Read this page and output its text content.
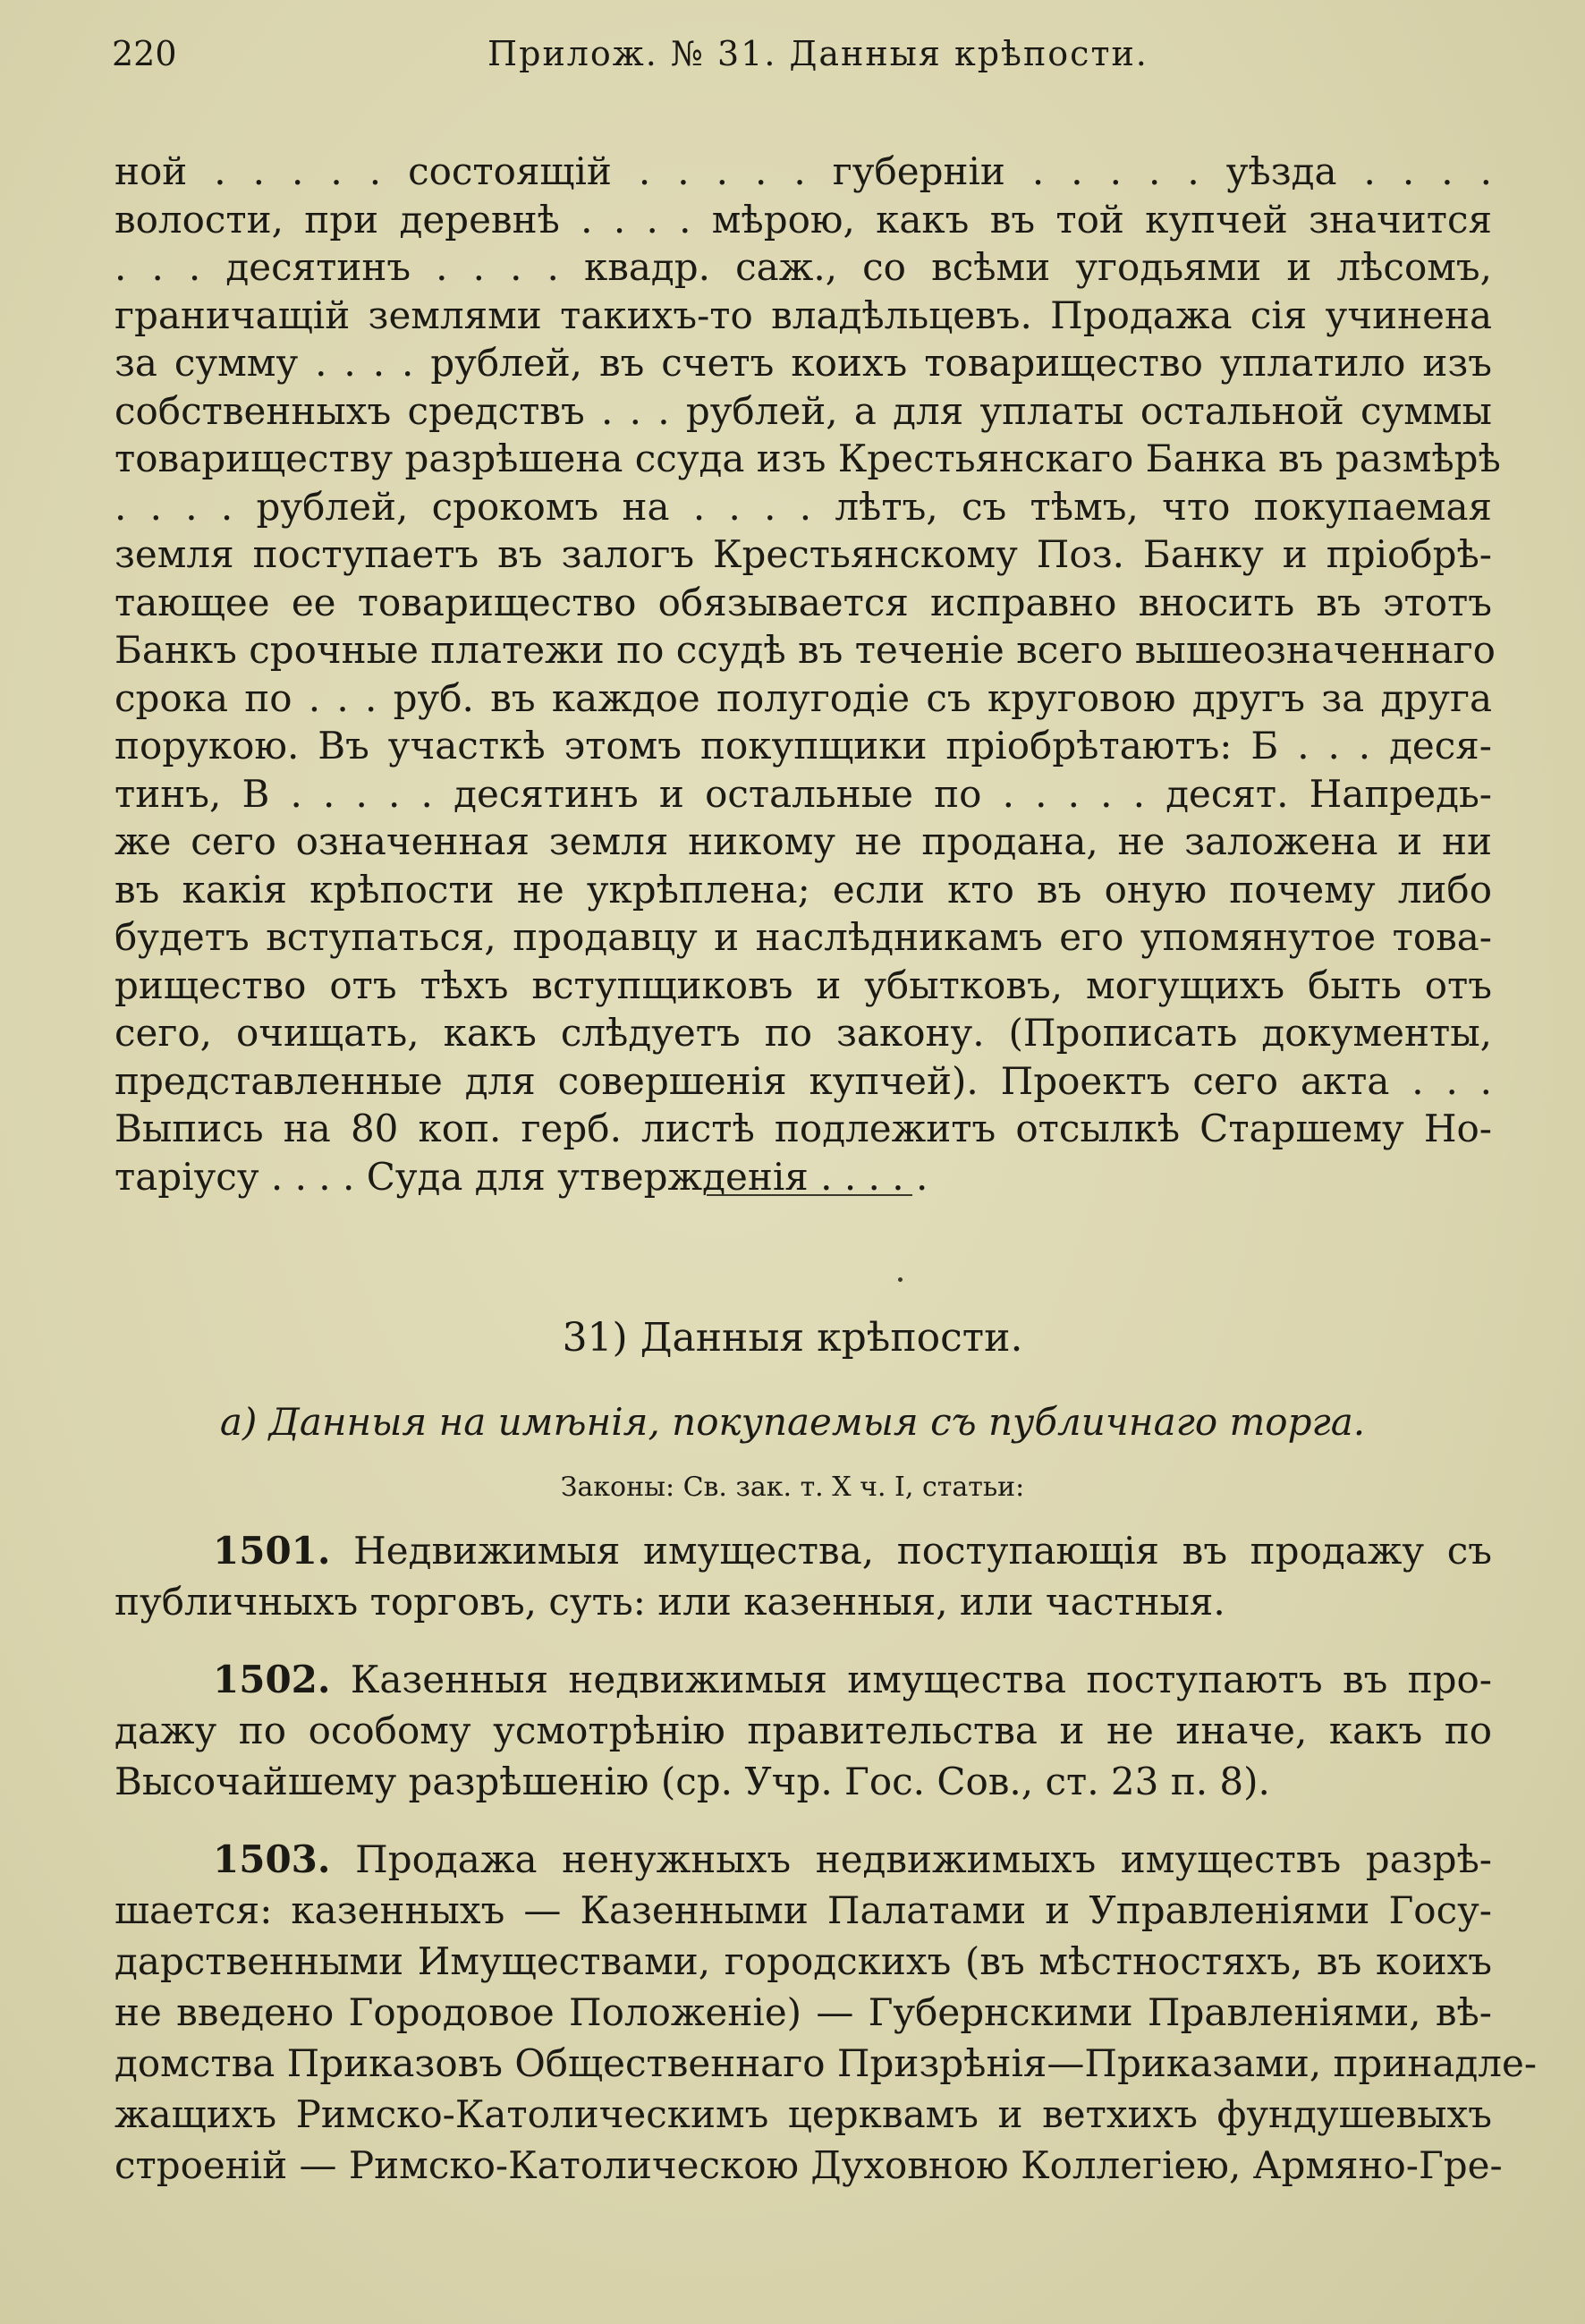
220	Прилож. № 31. Данныя крѣпости.
ной . . . . . состоящій . . . . . губерніи . . . . . уѣзда . . . .
волости, при деревнѣ . . . . мѣрою, какъ въ той купчей значится
. . . десятинъ . . . . квадр. саж., со всѣми угодьями и лѣсомъ,
граничащій землями такихъ-то владѣльцевъ. Продажа сія учинена
за сумму . . . . рублей, въ счетъ коихъ товарищество уплатило изъ
собственныхъ средствъ . . . рублей, а для уплаты остальной суммы
товариществу разрѣшена ссуда изъ Крестьянскаго Банка въ размѣрѣ
. . . . рублей, срокомъ на . . . . лѣтъ, съ тѣмъ, что покупаемая
земля поступаетъ въ залогъ Крестьянскому Поз. Банку и пріобрѣ-
тающее ее товарищество обязывается исправно вносить въ этотъ
Банкъ срочные платежи по ссудѣ въ теченіе всего вышеозначеннаго
срока по . . . руб. въ каждое полугодіе съ круговою другъ за друга
порукою. Въ участкѣ этомъ покупщики пріобрѣтаютъ: Б . . . деся-
тинъ, В . . . . . десятинъ и остальные по . . . . . десят. Напредь-
же сего означенная земля никому не продана, не заложена и ни
въ какія крѣпости не укрѣплена; если кто въ оную почему либо
будетъ вступаться, продавцу и наслѣдникамъ его упомянутое това-
рищество отъ тѣхъ вступщиковъ и убытковъ, могущихъ быть отъ
сего, очищать, какъ слѣдуетъ по закону. (Прописать документы,
представленные для совершенія купчей). Проектъ сего акта . . .
Выпись на 80 коп. герб. листѣ подлежитъ отсылкѣ Старшему Но-
таріусу . . . . Суда для утвержденія . . . . .
31) Данныя крѣпости.
а) Данныя на имѣнія, покупаемыя съ публичнаго торга.
Законы: Св. зак. т. X ч. I, статьи:
1501. Недвижимыя имущества, поступающія въ продажу съ
публичныхъ торговъ, суть: или казенныя, или частныя.
1502. Казенныя недвижимыя имущества поступаютъ въ про-
дажу по особому усмотрѣнію правительства и не иначе, какъ по
Высочайшему разрѣшенію (ср. Учр. Гос. Сов., ст. 23 п. 8).
1503. Продажа ненужныхъ недвижимыхъ имуществъ разрѣ-
шается: казенныхъ — Казенными Палатами и Управленіями Госу-
дарственными Имуществами, городскихъ (въ мѣстностяхъ, въ коихъ
не введено Городовое Положеніе) — Губернскими Правленіями, вѣ-
домства Приказовъ Общественнаго Призрѣнія—Приказами, принадле-
жащихъ Римско-Католическимъ церквамъ и ветхихъ фундушевыхъ
строеній — Римско-Католическою Духовною Коллегіею, Армяно-Гре-
